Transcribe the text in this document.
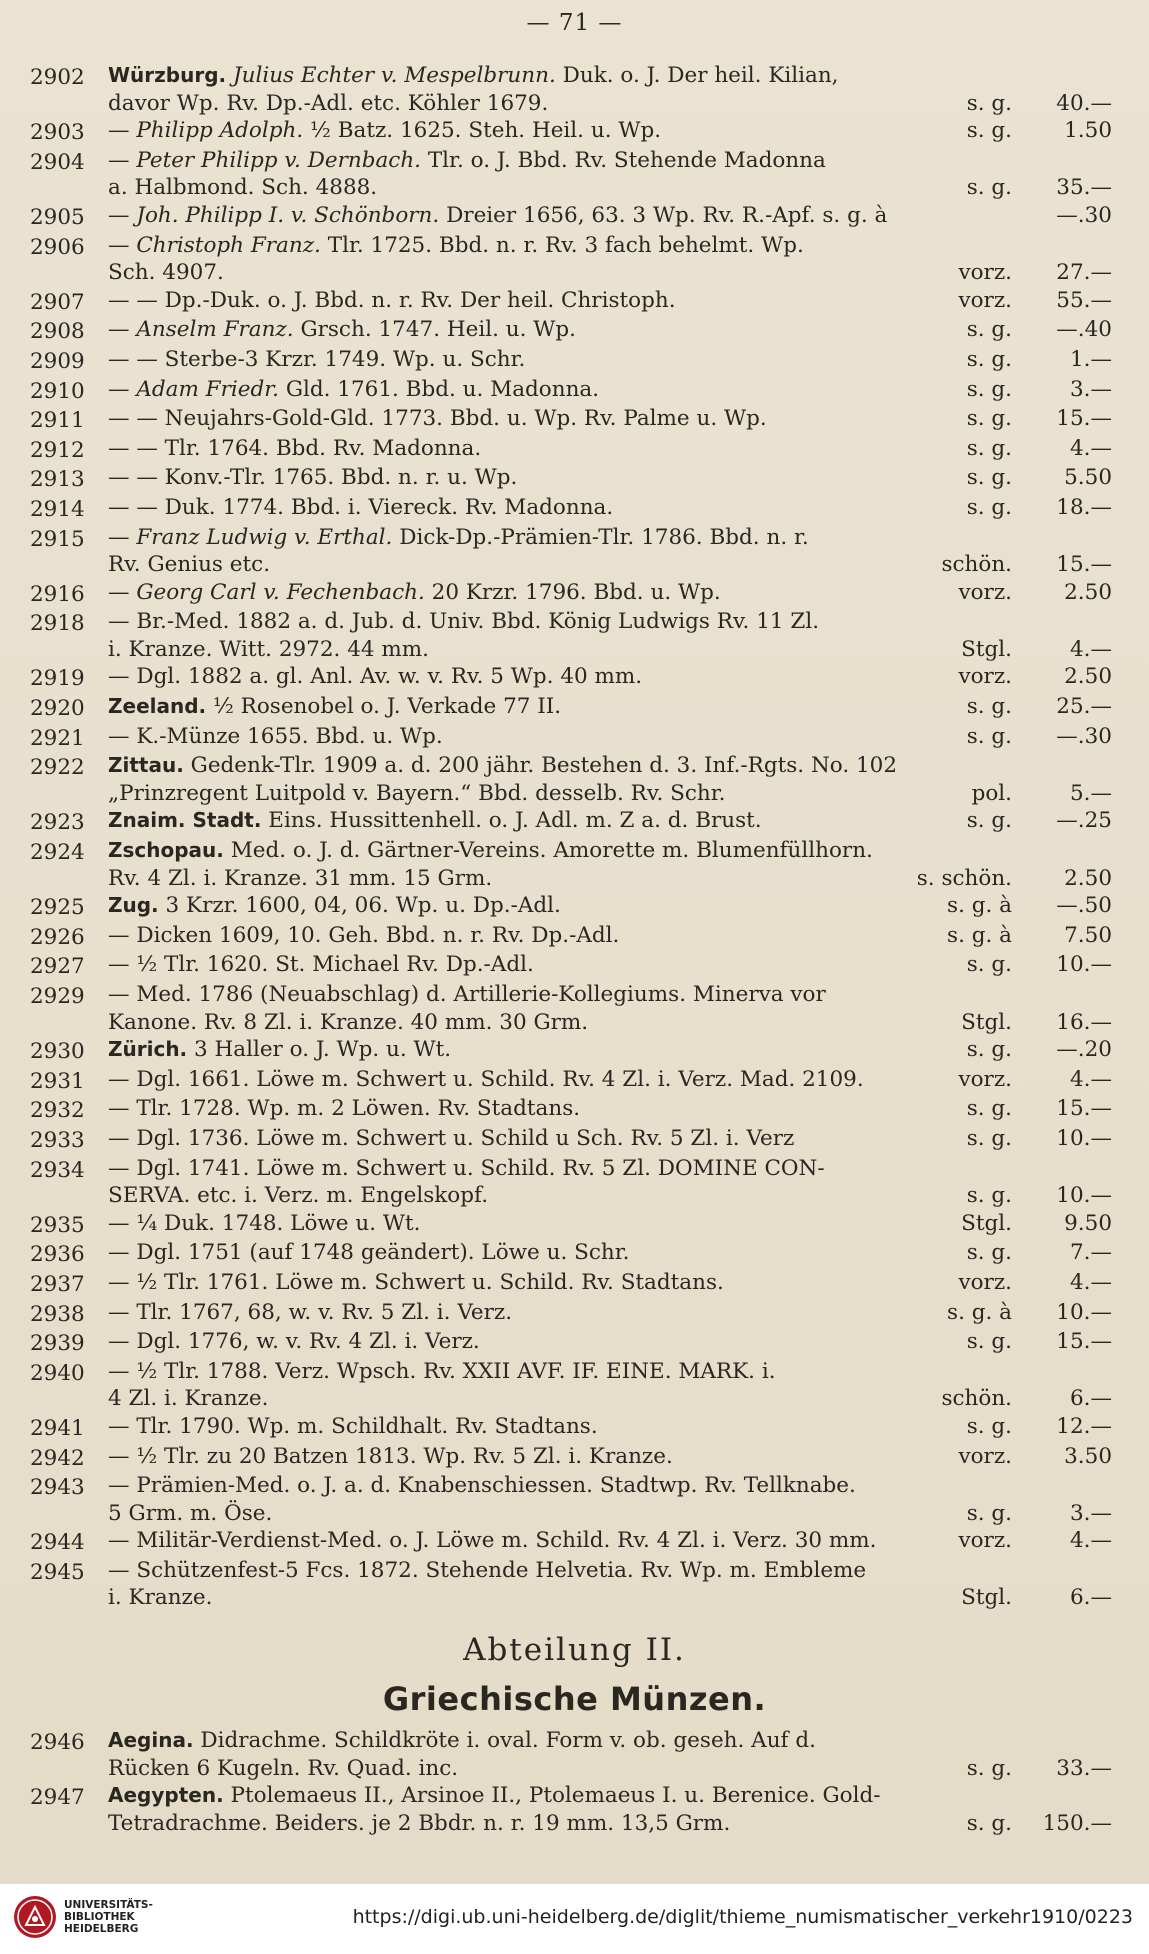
— 71 —
2902	Würzburg. Julius Echter v. Mespelbrunn. Duk. o. J. Der heil. Kilian,
davor Wp. Rv. Dp.-Adl. etc. Köhler 1679.	s. g.	40.—
2903	— Philipp Adolph. ½ Batz. 1625. Steh. Heil. u. Wp.	s. g.	1.50
2904	— Peter Philipp v. Dernbach. Tlr. o. J. Bbd. Rv. Stehende Madonna
a. Halbmond. Sch. 4888.	s. g.	35.—
2905	— Joh. Philipp I. v. Schönborn. Dreier 1656, 63. 3 Wp. Rv. R.-Apf. s. g. à	—.30
2906	— Christoph Franz. Tlr. 1725. Bbd. n. r. Rv. 3 fach behelmt. Wp.
Sch. 4907.	vorz.	27.—
2907	— — Dp.-Duk. o. J. Bbd. n. r. Rv. Der heil. Christoph.	vorz.	55.—
2908	— Anselm Franz. Grsch. 1747. Heil. u. Wp.	s. g.	—.40
2909	— — Sterbe-3 Krzr. 1749. Wp. u. Schr.	s. g.	1.—
2910	— Adam Friedr. Gld. 1761. Bbd. u. Madonna.	s. g.	3.—
2911	— — Neujahrs-Gold-Gld. 1773. Bbd. u. Wp. Rv. Palme u. Wp.	s. g.	15.—
2912	— — Tlr. 1764. Bbd. Rv. Madonna.	s. g.	4.—
2913	— — Konv.-Tlr. 1765. Bbd. n. r. u. Wp.	s. g.	5.50
2914	— — Duk. 1774. Bbd. i. Viereck. Rv. Madonna.	s. g.	18.—
2915	— Franz Ludwig v. Erthal. Dick-Dp.-Prämien-Tlr. 1786. Bbd. n. r.
Rv. Genius etc.	schön.	15.—
2916	— Georg Carl v. Fechenbach. 20 Krzr. 1796. Bbd. u. Wp.	vorz.	2.50
2918	— Br.-Med. 1882 a. d. Jub. d. Univ. Bbd. König Ludwigs Rv. 11 Zl.
i. Kranze. Witt. 2972. 44 mm.	Stgl.	4.—
2919	— Dgl. 1882 a. gl. Anl. Av. w. v. Rv. 5 Wp. 40 mm.	vorz.	2.50
2920	Zeeland. ½ Rosenobel o. J. Verkade 77 II.	s. g.	25.—
2921	— K.-Münze 1655. Bbd. u. Wp.	s. g.	—.30
2922	Zittau. Gedenk-Tlr. 1909 a. d. 200 jähr. Bestehen d. 3. Inf.-Rgts. No. 102
„Prinzregent Luitpold v. Bayern.“ Bbd. desselb. Rv. Schr.	pol.	5.—
2923	Znaim. Stadt. Eins. Hussittenhell. o. J. Adl. m. Z a. d. Brust.	s. g.	—.25
2924	Zschopau. Med. o. J. d. Gärtner-Vereins. Amorette m. Blumenfüllhorn.
Rv. 4 Zl. i. Kranze. 31 mm. 15 Grm.	s. schön.	2.50
2925	Zug. 3 Krzr. 1600, 04, 06. Wp. u. Dp.-Adl.	s. g. à	—.50
2926	— Dicken 1609, 10. Geh. Bbd. n. r. Rv. Dp.-Adl.	s. g. à	7.50
2927	— ½ Tlr. 1620. St. Michael Rv. Dp.-Adl.	s. g.	10.—
2929	— Med. 1786 (Neuabschlag) d. Artillerie-Kollegiums. Minerva vor
Kanone. Rv. 8 Zl. i. Kranze. 40 mm. 30 Grm.	Stgl.	16.—
2930	Zürich. 3 Haller o. J. Wp. u. Wt.	s. g.	—.20
2931	— Dgl. 1661. Löwe m. Schwert u. Schild. Rv. 4 Zl. i. Verz. Mad. 2109.	vorz.	4.—
2932	— Tlr. 1728. Wp. m. 2 Löwen. Rv. Stadtans.	s. g.	15.—
2933	— Dgl. 1736. Löwe m. Schwert u. Schild u Sch. Rv. 5 Zl. i. Verz	s. g.	10.—
2934	— Dgl. 1741. Löwe m. Schwert u. Schild. Rv. 5 Zl. DOMINE CON-
SERVA. etc. i. Verz. m. Engelskopf.	s. g.	10.—
2935	— ¼ Duk. 1748. Löwe u. Wt.	Stgl.	9.50
2936	— Dgl. 1751 (auf 1748 geändert). Löwe u. Schr.	s. g.	7.—
2937	— ½ Tlr. 1761. Löwe m. Schwert u. Schild. Rv. Stadtans.	vorz.	4.—
2938	— Tlr. 1767, 68, w. v. Rv. 5 Zl. i. Verz.	s. g. à	10.—
2939	— Dgl. 1776, w. v. Rv. 4 Zl. i. Verz.	s. g.	15.—
2940	— ½ Tlr. 1788. Verz. Wpsch. Rv. XXII AVF. IF. EINE. MARK. i.
4 Zl. i. Kranze.	schön.	6.—
2941	— Tlr. 1790. Wp. m. Schildhalt. Rv. Stadtans.	s. g.	12.—
2942	— ½ Tlr. zu 20 Batzen 1813. Wp. Rv. 5 Zl. i. Kranze.	vorz.	3.50
2943	— Prämien-Med. o. J. a. d. Knabenschiessen. Stadtwp. Rv. Tellknabe.
5 Grm. m. Öse.	s. g.	3.—
2944	— Militär-Verdienst-Med. o. J. Löwe m. Schild. Rv. 4 Zl. i. Verz. 30 mm.	vorz.	4.—
2945	— Schützenfest-5 Fcs. 1872. Stehende Helvetia. Rv. Wp. m. Embleme
i. Kranze.	Stgl.	6.—
Abteilung II.
Griechische Münzen.
2946	Aegina. Didrachme. Schildkröte i. oval. Form v. ob. geseh. Auf d.
Rücken 6 Kugeln. Rv. Quad. inc.	s. g.	33.—
2947	Aegypten. Ptolemaeus II., Arsinoe II., Ptolemaeus I. u. Berenice. Gold-
Tetradrachme. Beiders. je 2 Bbdr. n. r. 19 mm. 13,5 Grm.	s. g.	150.—
UNIVERSITÄTS-
BIBLIOTHEK
HEIDELBERG
https://digi.ub.uni-heidelberg.de/diglit/thieme_numismatischer_verkehr1910/0223
